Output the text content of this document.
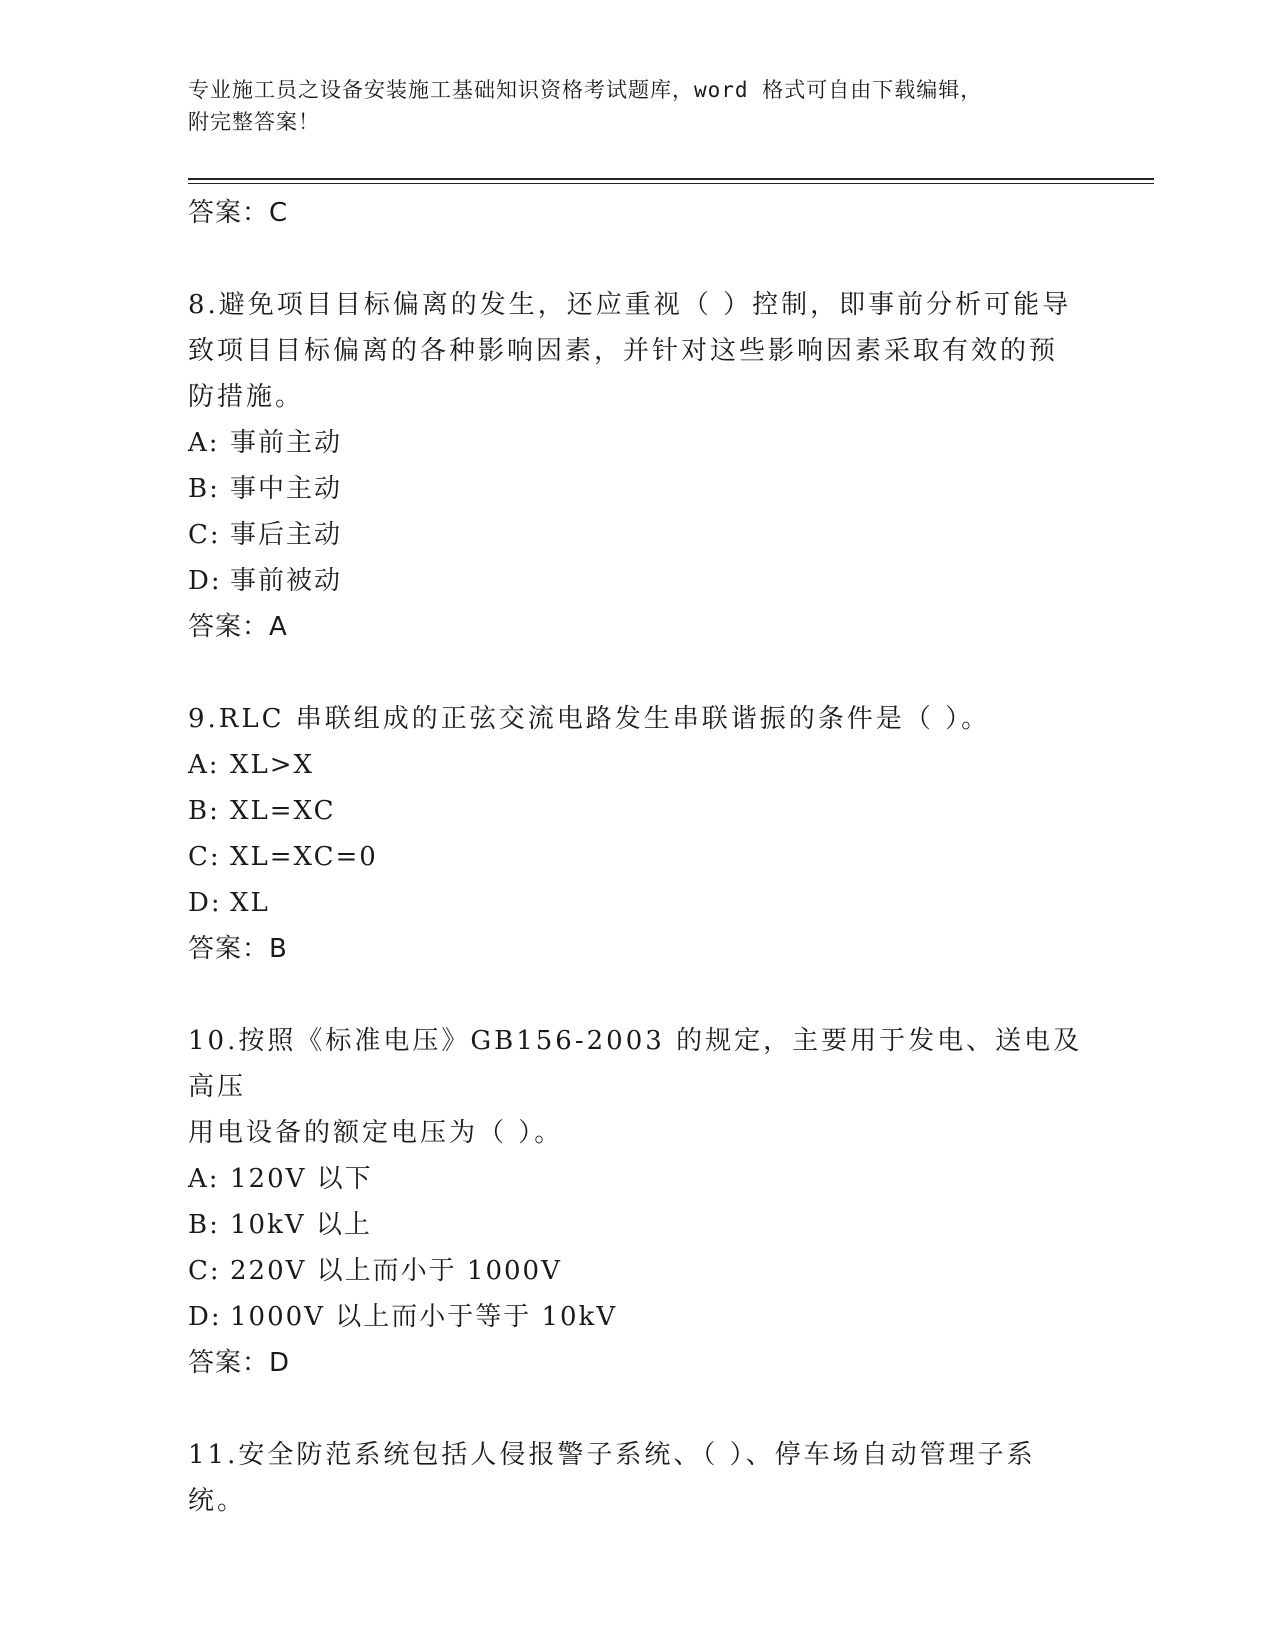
专业施工员之设备安装施工基础知识资格考试题库，word 格式可自由下载编辑，
附完整答案！
答案：C
8.避免项目目标偏离的发生，还应重视（ ）控制，即事前分析可能导
致项目目标偏离的各种影响因素，并针对这些影响因素采取有效的预
防措施。
A: 事前主动
B: 事中主动
C: 事后主动
D: 事前被动
答案：A
9.RLC 串联组成的正弦交流电路发生串联谐振的条件是（ ）。
A: XL>X
B: XL=XC
C: XL=XC=0
D: XL
答案：B
10.按照《标准电压》GB156-2003 的规定，主要用于发电、送电及高压
用电设备的额定电压为（ ）。
A: 120V 以下
B: 10kV 以上
C: 220V 以上而小于 1000V
D: 1000V 以上而小于等于 10kV
答案：D
11.安全防范系统包括人侵报警子系统、（ ）、停车场自动管理子系
统。
